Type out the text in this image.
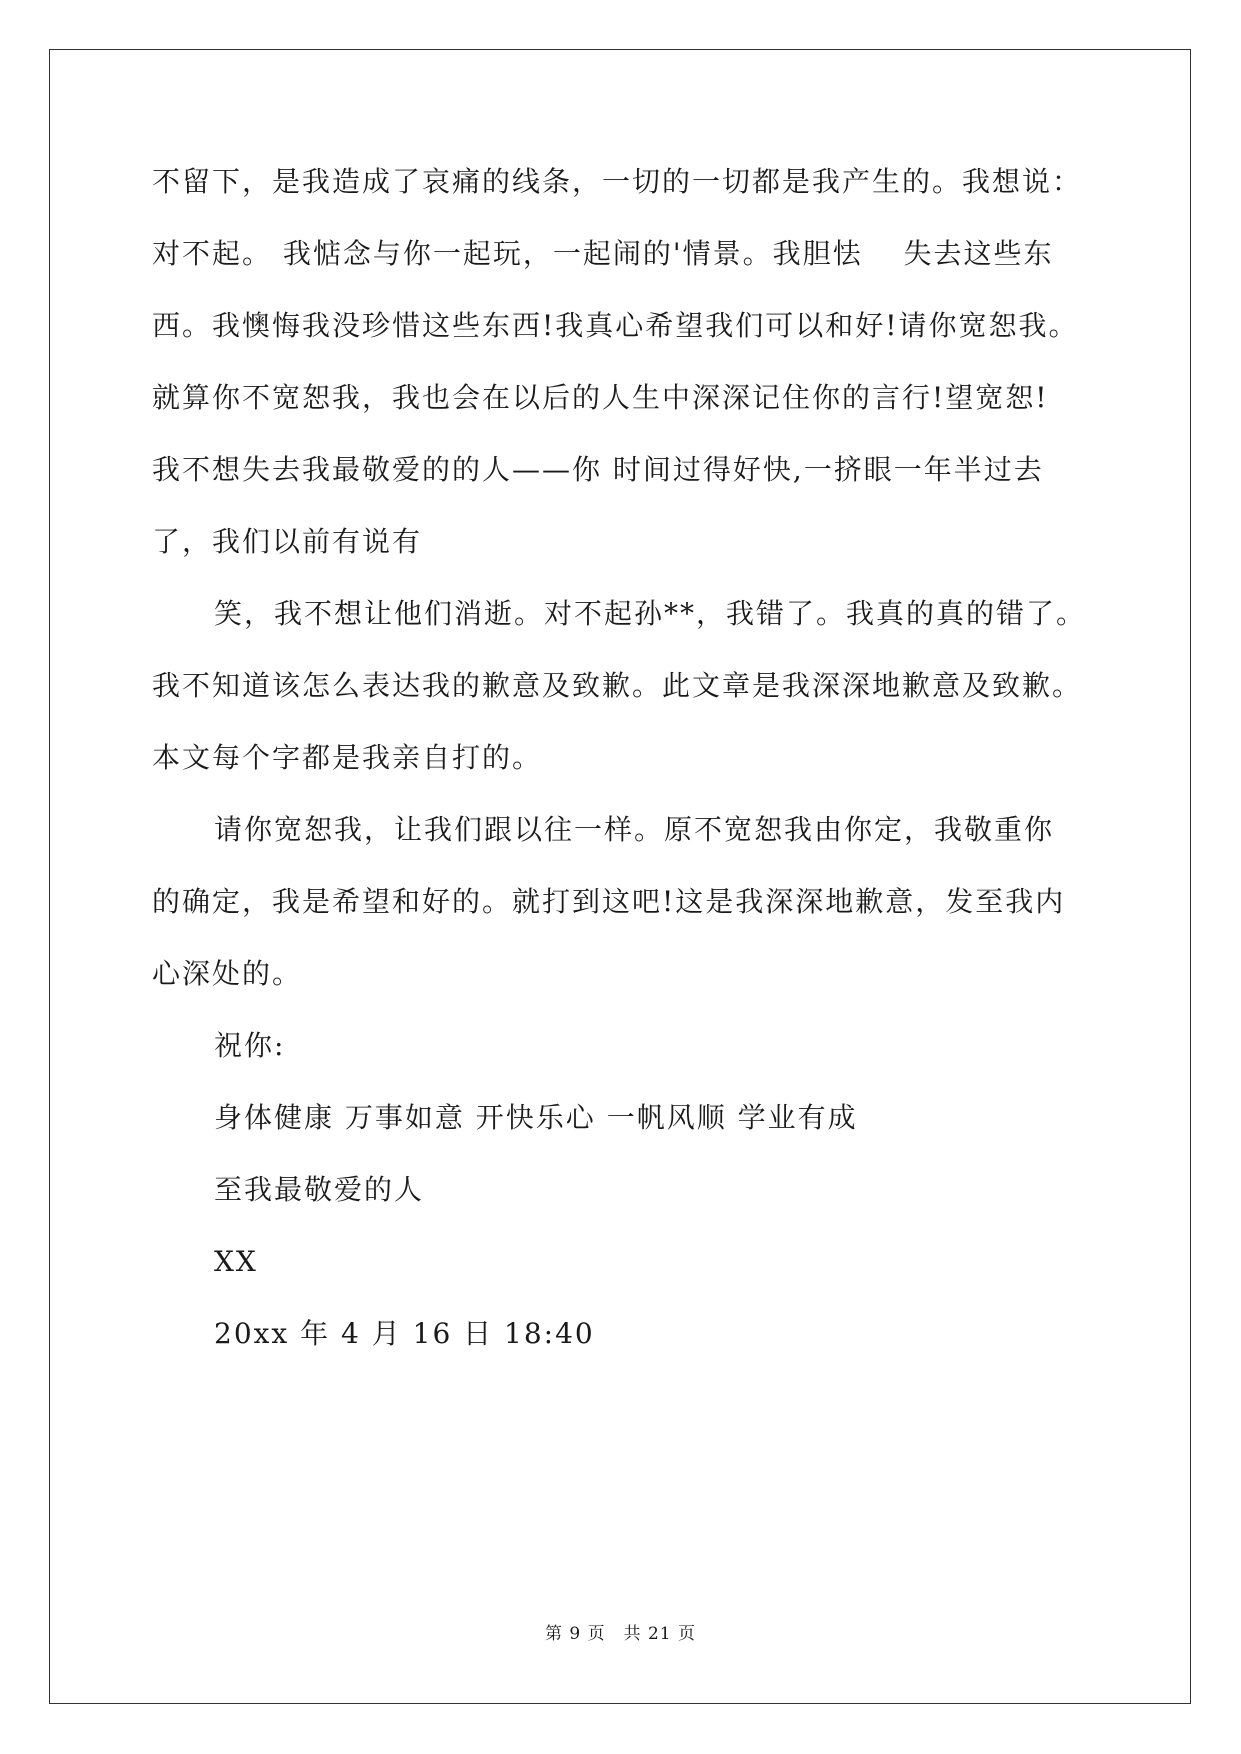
不留下，是我造成了哀痛的线条，一切的一切都是我产生的。我想说：
对不起。 我惦念与你一起玩，一起闹的'情景。我胆怯　 失去这些东
西。我懊悔我没珍惜这些东西!我真心希望我们可以和好!请你宽恕我。
就算你不宽恕我，我也会在以后的人生中深深记住你的言行!望宽恕!
我不想失去我最敬爱的的人——你 时间过得好快,一挤眼一年半过去
了，我们以前有说有
笑，我不想让他们消逝。对不起孙**，我错了。我真的真的错了。
我不知道该怎么表达我的歉意及致歉。此文章是我深深地歉意及致歉。
本文每个字都是我亲自打的。
请你宽恕我，让我们跟以往一样。原不宽恕我由你定，我敬重你
的确定，我是希望和好的。就打到这吧!这是我深深地歉意，发至我内
心深处的。
祝你:
身体健康 万事如意 开快乐心 一帆风顺 学业有成
至我最敬爱的人
XX
20xx 年 4 月 16 日 18:40
第 9 页　共 21 页
